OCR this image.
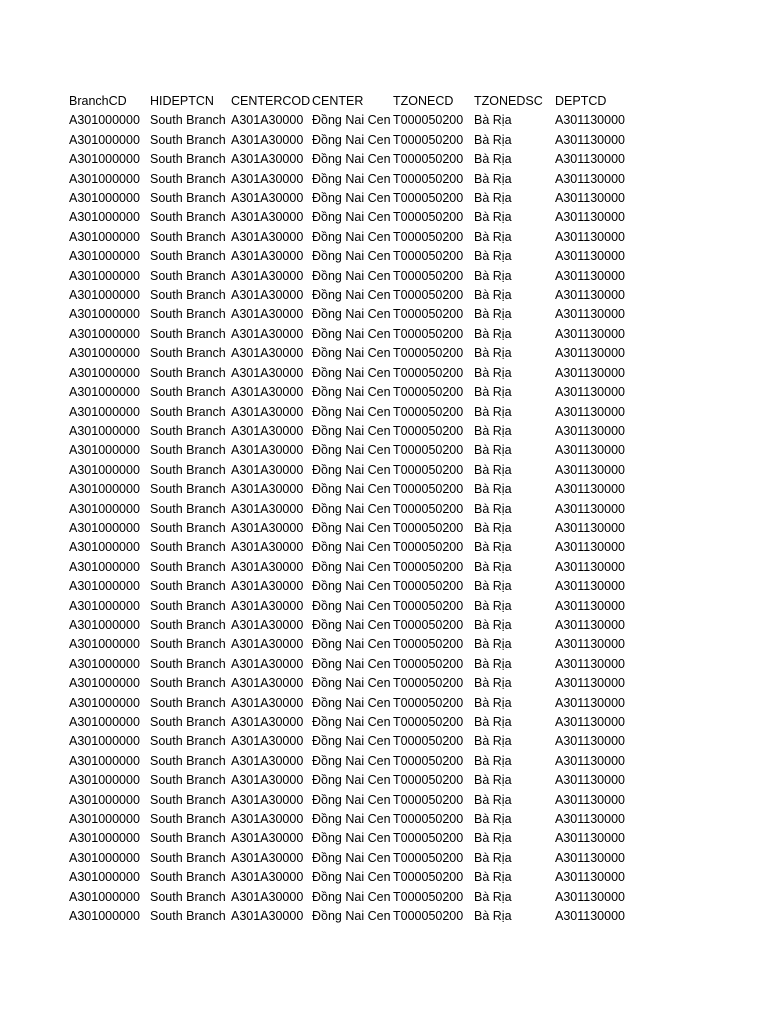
BranchCD	HIDEPTCN	CENTERCOD	CENTER	TZONECD	TZONEDSC	DEPTCD
A301000000	South Branch	A301A30000	Đồng Nai Cen	T000050200	Bà Rịa	A301130000
A301000000	South Branch	A301A30000	Đồng Nai Cen	T000050200	Bà Rịa	A301130000
A301000000	South Branch	A301A30000	Đồng Nai Cen	T000050200	Bà Rịa	A301130000
A301000000	South Branch	A301A30000	Đồng Nai Cen	T000050200	Bà Rịa	A301130000
A301000000	South Branch	A301A30000	Đồng Nai Cen	T000050200	Bà Rịa	A301130000
A301000000	South Branch	A301A30000	Đồng Nai Cen	T000050200	Bà Rịa	A301130000
A301000000	South Branch	A301A30000	Đồng Nai Cen	T000050200	Bà Rịa	A301130000
A301000000	South Branch	A301A30000	Đồng Nai Cen	T000050200	Bà Rịa	A301130000
A301000000	South Branch	A301A30000	Đồng Nai Cen	T000050200	Bà Rịa	A301130000
A301000000	South Branch	A301A30000	Đồng Nai Cen	T000050200	Bà Rịa	A301130000
A301000000	South Branch	A301A30000	Đồng Nai Cen	T000050200	Bà Rịa	A301130000
A301000000	South Branch	A301A30000	Đồng Nai Cen	T000050200	Bà Rịa	A301130000
A301000000	South Branch	A301A30000	Đồng Nai Cen	T000050200	Bà Rịa	A301130000
A301000000	South Branch	A301A30000	Đồng Nai Cen	T000050200	Bà Rịa	A301130000
A301000000	South Branch	A301A30000	Đồng Nai Cen	T000050200	Bà Rịa	A301130000
A301000000	South Branch	A301A30000	Đồng Nai Cen	T000050200	Bà Rịa	A301130000
A301000000	South Branch	A301A30000	Đồng Nai Cen	T000050200	Bà Rịa	A301130000
A301000000	South Branch	A301A30000	Đồng Nai Cen	T000050200	Bà Rịa	A301130000
A301000000	South Branch	A301A30000	Đồng Nai Cen	T000050200	Bà Rịa	A301130000
A301000000	South Branch	A301A30000	Đồng Nai Cen	T000050200	Bà Rịa	A301130000
A301000000	South Branch	A301A30000	Đồng Nai Cen	T000050200	Bà Rịa	A301130000
A301000000	South Branch	A301A30000	Đồng Nai Cen	T000050200	Bà Rịa	A301130000
A301000000	South Branch	A301A30000	Đồng Nai Cen	T000050200	Bà Rịa	A301130000
A301000000	South Branch	A301A30000	Đồng Nai Cen	T000050200	Bà Rịa	A301130000
A301000000	South Branch	A301A30000	Đồng Nai Cen	T000050200	Bà Rịa	A301130000
A301000000	South Branch	A301A30000	Đồng Nai Cen	T000050200	Bà Rịa	A301130000
A301000000	South Branch	A301A30000	Đồng Nai Cen	T000050200	Bà Rịa	A301130000
A301000000	South Branch	A301A30000	Đồng Nai Cen	T000050200	Bà Rịa	A301130000
A301000000	South Branch	A301A30000	Đồng Nai Cen	T000050200	Bà Rịa	A301130000
A301000000	South Branch	A301A30000	Đồng Nai Cen	T000050200	Bà Rịa	A301130000
A301000000	South Branch	A301A30000	Đồng Nai Cen	T000050200	Bà Rịa	A301130000
A301000000	South Branch	A301A30000	Đồng Nai Cen	T000050200	Bà Rịa	A301130000
A301000000	South Branch	A301A30000	Đồng Nai Cen	T000050200	Bà Rịa	A301130000
A301000000	South Branch	A301A30000	Đồng Nai Cen	T000050200	Bà Rịa	A301130000
A301000000	South Branch	A301A30000	Đồng Nai Cen	T000050200	Bà Rịa	A301130000
A301000000	South Branch	A301A30000	Đồng Nai Cen	T000050200	Bà Rịa	A301130000
A301000000	South Branch	A301A30000	Đồng Nai Cen	T000050200	Bà Rịa	A301130000
A301000000	South Branch	A301A30000	Đồng Nai Cen	T000050200	Bà Rịa	A301130000
A301000000	South Branch	A301A30000	Đồng Nai Cen	T000050200	Bà Rịa	A301130000
A301000000	South Branch	A301A30000	Đồng Nai Cen	T000050200	Bà Rịa	A301130000
A301000000	South Branch	A301A30000	Đồng Nai Cen	T000050200	Bà Rịa	A301130000
A301000000	South Branch	A301A30000	Đồng Nai Cen	T000050200	Bà Rịa	A301130000
